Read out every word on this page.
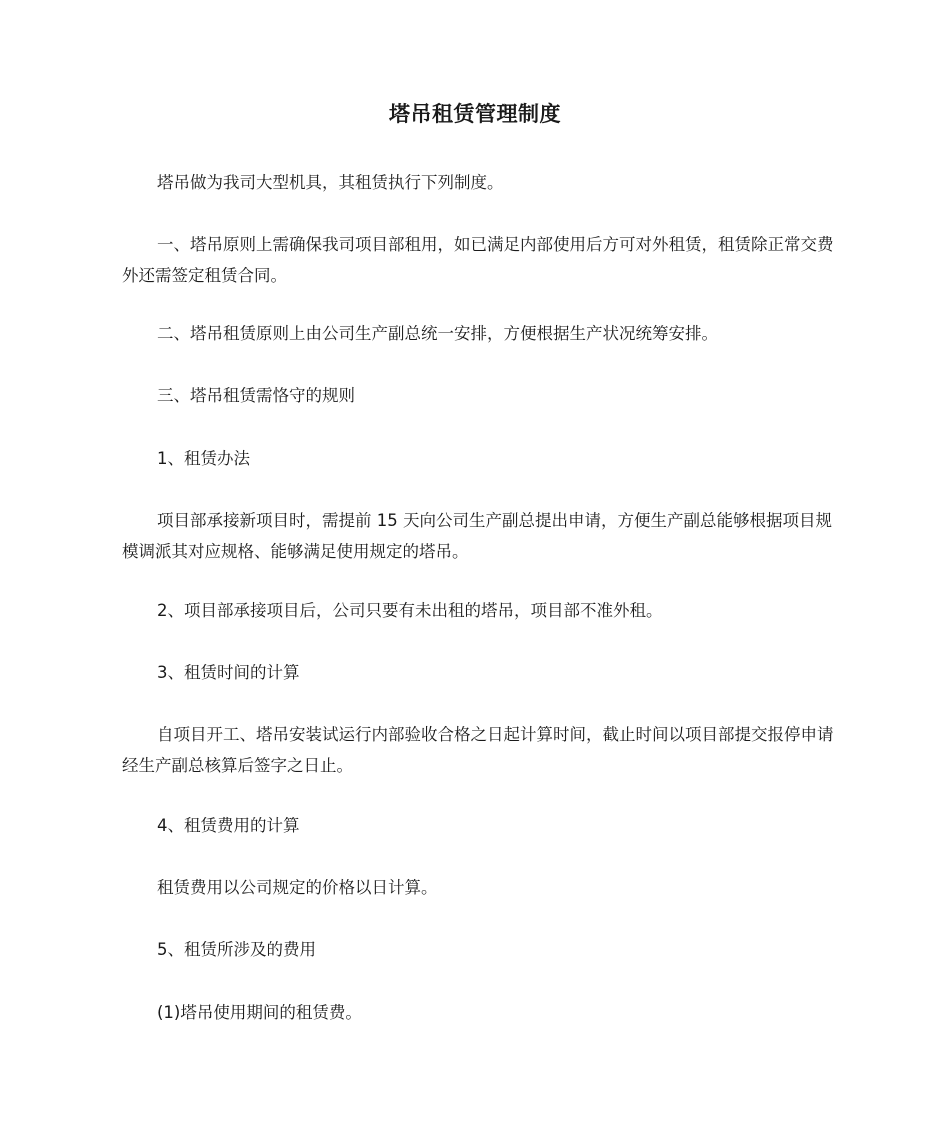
塔吊租赁管理制度

塔吊做为我司大型机具，其租赁执行下列制度。

一、塔吊原则上需确保我司项目部租用，如已满足内部使用后方可对外租赁，租赁除正常交费外还需签定租赁合同。

二、塔吊租赁原则上由公司生产副总统一安排，方便根据生产状况统筹安排。

三、塔吊租赁需恪守的规则

1、租赁办法

项目部承接新项目时，需提前 15 天向公司生产副总提出申请，方便生产副总能够根据项目规模调派其对应规格、能够满足使用规定的塔吊。

2、项目部承接项目后，公司只要有未出租的塔吊，项目部不准外租。

3、租赁时间的计算

自项目开工、塔吊安装试运行内部验收合格之日起计算时间，截止时间以项目部提交报停申请经生产副总核算后签字之日止。

4、租赁费用的计算

租赁费用以公司规定的价格以日计算。

5、租赁所涉及的费用

(1)塔吊使用期间的租赁费。
